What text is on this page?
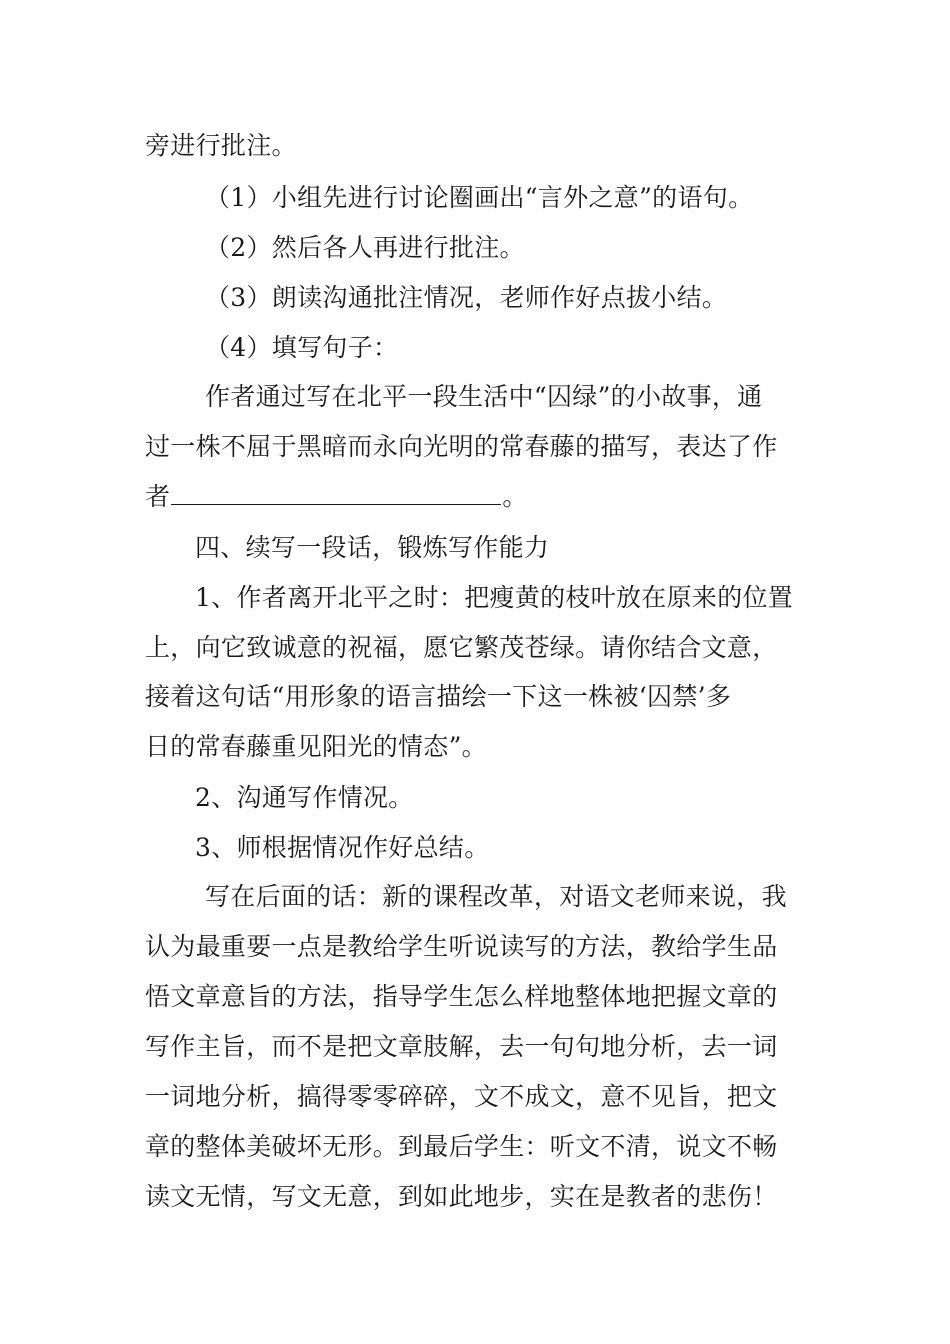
旁进行批注。

（1）小组先进行讨论圈画出“言外之意”的语句。

（2）然后各人再进行批注。

（3）朗读沟通批注情况，老师作好点拔小结。

（4）填写句子：

作者通过写在北平一段生活中“囚绿”的小故事，通

过一株不屈于黑暗而永向光明的常春藤的描写，表达了作

者	。

四、续写一段话，锻炼写作能力

1、作者离开北平之时：把瘦黄的枝叶放在原来的位置

上，向它致诚意的祝福，愿它繁茂苍绿。请你结合文意，

接着这句话“用形象的语言描绘一下这一株被‘囚禁’多

日的常春藤重见阳光的情态”。

2、沟通写作情况。

3、师根据情况作好总结。

写在后面的话：新的课程改革，对语文老师来说，我

认为最重要一点是教给学生听说读写的方法，教给学生品

悟文章意旨的方法，指导学生怎么样地整体地把握文章的

写作主旨，而不是把文章肢解，去一句句地分析，去一词

一词地分析，搞得零零碎碎，文不成文，意不见旨，把文

章的整体美破坏无形。到最后学生：听文不清，说文不畅

读文无情，写文无意，到如此地步，实在是教者的悲伤！
